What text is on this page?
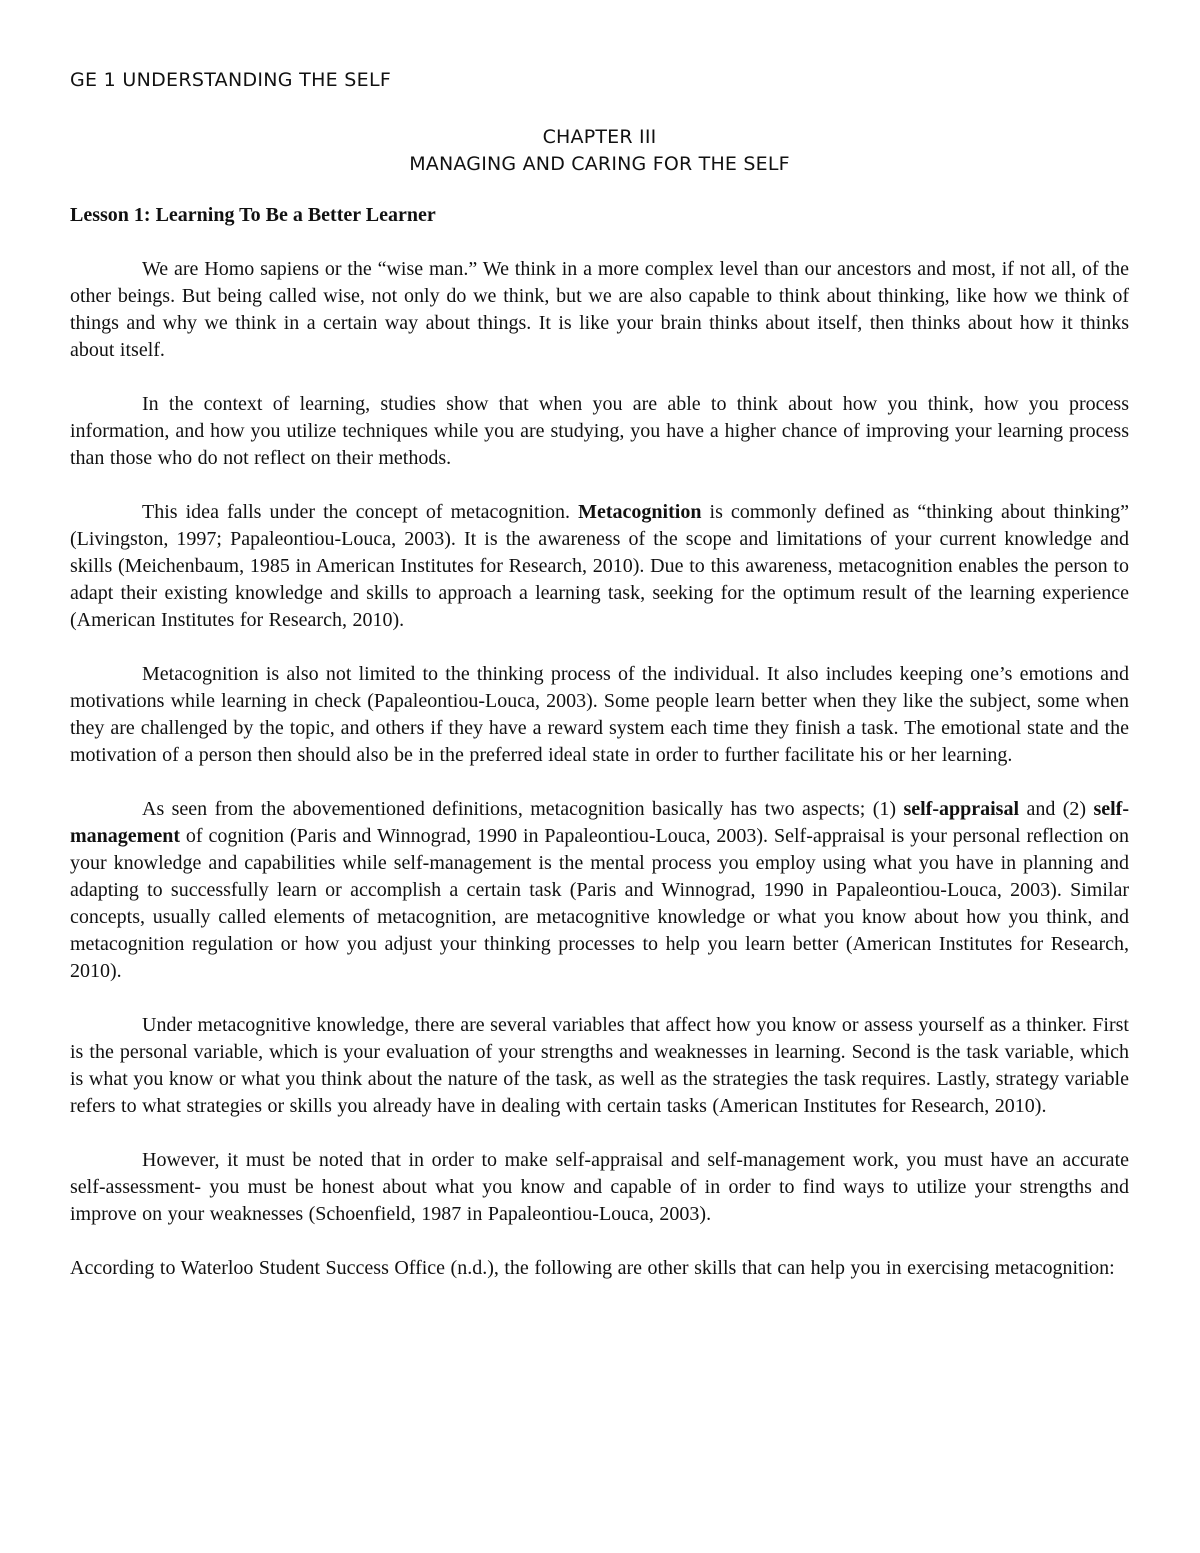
GE 1 UNDERSTANDING THE SELF

CHAPTER III

MANAGING AND CARING FOR THE SELF

Lesson 1: Learning To Be a Better Learner

We are Homo sapiens or the “wise man.” We think in a more complex level than our ancestors and most, if not all, of the other beings. But being called wise, not only do we think, but we are also capable to think about thinking, like how we think of things and why we think in a certain way about things. It is like your brain thinks about itself, then thinks about how it thinks about itself.

In the context of learning, studies show that when you are able to think about how you think, how you process information, and how you utilize techniques while you are studying, you have a higher chance of improving your learning process than those who do not reflect on their methods.

This idea falls under the concept of metacognition. Metacognition is commonly defined as “thinking about thinking” (Livingston, 1997; Papaleontiou-Louca, 2003). It is the awareness of the scope and limitations of your current knowledge and skills (Meichenbaum, 1985 in American Institutes for Research, 2010). Due to this awareness, metacognition enables the person to adapt their existing knowledge and skills to approach a learning task, seeking for the optimum result of the learning experience (American Institutes for Research, 2010).

Metacognition is also not limited to the thinking process of the individual. It also includes keeping one’s emotions and motivations while learning in check (Papaleontiou-Louca, 2003). Some people learn better when they like the subject, some when they are challenged by the topic, and others if they have a reward system each time they finish a task. The emotional state and the motivation of a person then should also be in the preferred ideal state in order to further facilitate his or her learning.

As seen from the abovementioned definitions, metacognition basically has two aspects; (1) self-appraisal and (2) self-management of cognition (Paris and Winnograd, 1990 in Papaleontiou-Louca, 2003). Self-appraisal is your personal reflection on your knowledge and capabilities while self-management is the mental process you employ using what you have in planning and adapting to successfully learn or accomplish a certain task (Paris and Winnograd, 1990 in Papaleontiou-Louca, 2003). Similar concepts, usually called elements of metacognition, are metacognitive knowledge or what you know about how you think, and metacognition regulation or how you adjust your thinking processes to help you learn better (American Institutes for Research, 2010).

Under metacognitive knowledge, there are several variables that affect how you know or assess yourself as a thinker. First is the personal variable, which is your evaluation of your strengths and weaknesses in learning. Second is the task variable, which is what you know or what you think about the nature of the task, as well as the strategies the task requires. Lastly, strategy variable refers to what strategies or skills you already have in dealing with certain tasks (American Institutes for Research, 2010).

However, it must be noted that in order to make self-appraisal and self-management work, you must have an accurate self-assessment- you must be honest about what you know and capable of in order to find ways to utilize your strengths and improve on your weaknesses (Schoenfield, 1987 in Papaleontiou-Louca, 2003).

According to Waterloo Student Success Office (n.d.), the following are other skills that can help you in exercising metacognition:
